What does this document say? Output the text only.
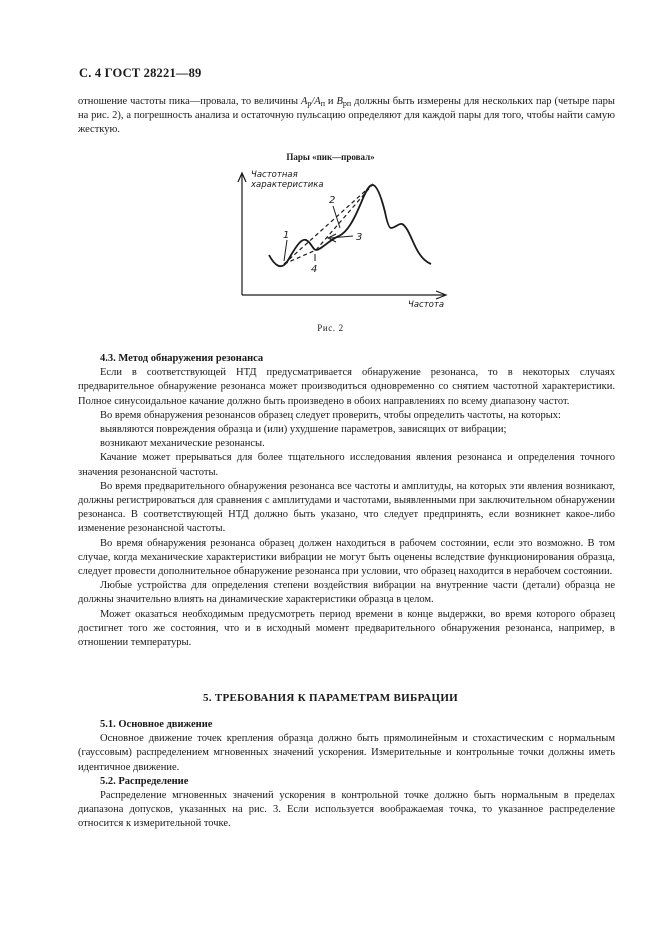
С. 4 ГОСТ 28221—89

отношение частоты пика—провала, то величины $A_p/A_п$ и $B_{pп}$ должны быть измерены для нескольких пар (четыре пары на рис. 2), а погрешность анализа и остаточную пульсацию определяют для каждой пары для того, чтобы найти самую жесткую.

Пары «пик—провал»
Частотная
характеристика
Частота
1
2
3
4
Рис. 2

4.3. Метод обнаружения резонанса

Если в соответствующей НТД предусматривается обнаружение резонанса, то в некоторых случаях предварительное обнаружение резонанса может производиться одновременно со снятием частотной характеристики. Полное синусоидальное качание должно быть произведено в обоих направлениях по всему диапазону частот.

Во время обнаружения резонансов образец следует проверить, чтобы определить частоты, на которых:

выявляются повреждения образца и (или) ухудшение параметров, зависящих от вибрации;

возникают механические резонансы.

Качание может прерываться для более тщательного исследования явления резонанса и определения точного значения резонансной частоты.

Во время предварительного обнаружения резонанса все частоты и амплитуды, на которых эти явления возникают, должны регистрироваться для сравнения с амплитудами и частотами, выявленными при заключительном обнаружении резонанса. В соответствующей НТД должно быть указано, что следует предпринять, если возникнет какое-либо изменение резонансной частоты.

Во время обнаружения резонанса образец должен находиться в рабочем состоянии, если это возможно. В том случае, когда механические характеристики вибрации не могут быть оценены вследствие функционирования образца, следует провести дополнительное обнаружение резонанса при условии, что образец находится в нерабочем состоянии.

Любые устройства для определения степени воздействия вибрации на внутренние части (детали) образца не должны значительно влиять на динамические характеристики образца в целом.

Может оказаться необходимым предусмотреть период времени в конце выдержки, во время которого образец достигнет того же состояния, что и в исходный момент предварительного обнаружения резонанса, например, в отношении температуры.

5. ТРЕБОВАНИЯ К ПАРАМЕТРАМ ВИБРАЦИИ

5.1. Основное движение

Основное движение точек крепления образца должно быть прямолинейным и стохастическим с нормальным (гауссовым) распределением мгновенных значений ускорения. Измерительные и контрольные точки должны иметь идентичное движение.

5.2. Распределение

Распределение мгновенных значений ускорения в контрольной точке должно быть нормальным в пределах диапазона допусков, указанных на рис. 3. Если используется воображаемая точка, то указанное распределение относится к измерительной точке.
